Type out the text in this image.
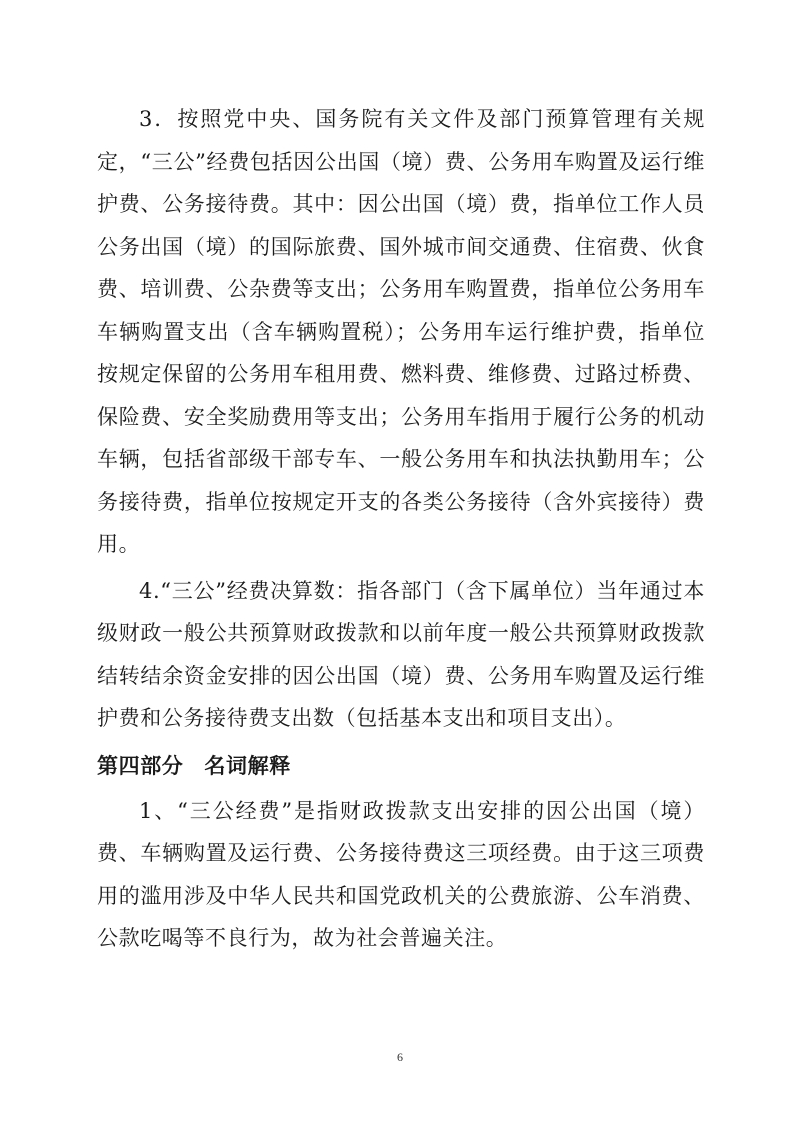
3．按照党中央、国务院有关文件及部门预算管理有关规定，“三公”经费包括因公出国（境）费、公务用车购置及运行维护费、公务接待费。其中：因公出国（境）费，指单位工作人员公务出国（境）的国际旅费、国外城市间交通费、住宿费、伙食费、培训费、公杂费等支出；公务用车购置费，指单位公务用车车辆购置支出（含车辆购置税）；公务用车运行维护费，指单位按规定保留的公务用车租用费、燃料费、维修费、过路过桥费、保险费、安全奖励费用等支出；公务用车指用于履行公务的机动车辆，包括省部级干部专车、一般公务用车和执法执勤用车；公务接待费，指单位按规定开支的各类公务接待（含外宾接待）费用。

4.“三公”经费决算数：指各部门（含下属单位）当年通过本级财政一般公共预算财政拨款和以前年度一般公共预算财政拨款结转结余资金安排的因公出国（境）费、公务用车购置及运行维护费和公务接待费支出数（包括基本支出和项目支出）。

第四部分 名词解释

1、“三公经费”是指财政拨款支出安排的因公出国（境）费、车辆购置及运行费、公务接待费这三项经费。由于这三项费用的滥用涉及中华人民共和国党政机关的公费旅游、公车消费、公款吃喝等不良行为，故为社会普遍关注。

6
